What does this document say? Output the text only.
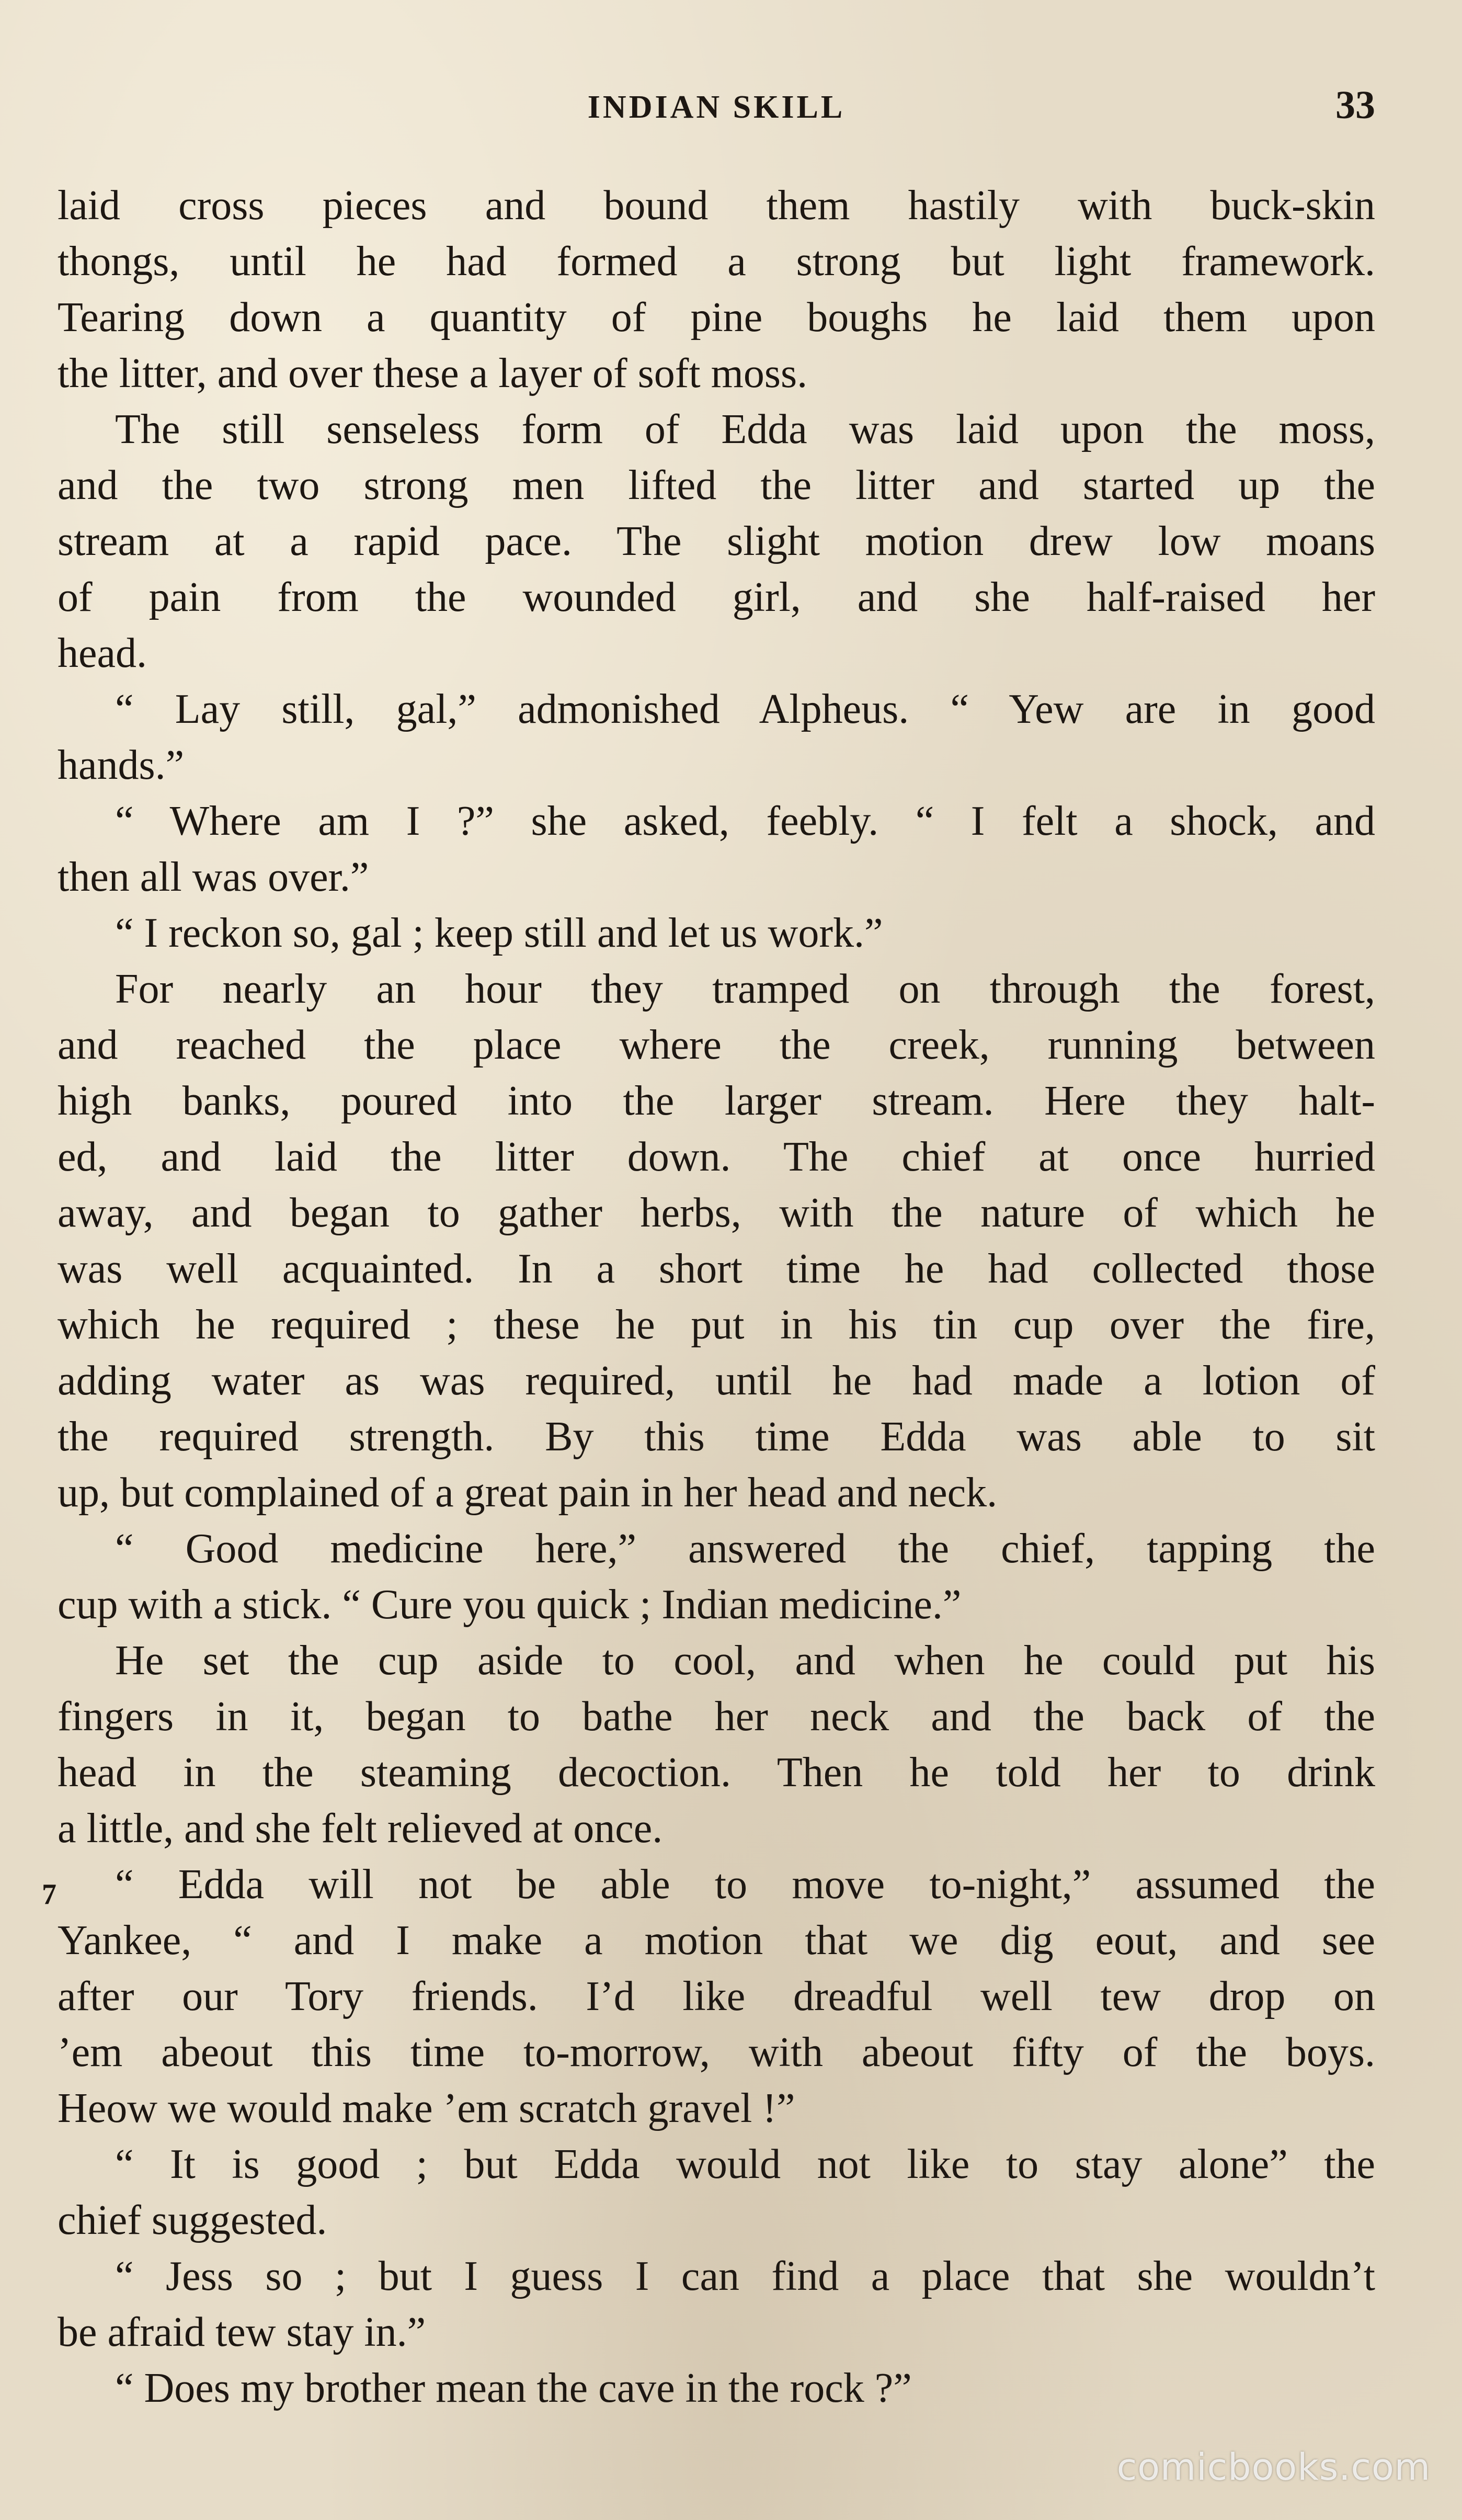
INDIAN SKILL	33
7
laid cross pieces and bound them hastily with buck-skin
thongs, until he had formed a strong but light framework.
Tearing down a quantity of pine boughs he laid them upon
the litter, and over these a layer of soft moss.
The still senseless form of Edda was laid upon the moss,
and the two strong men lifted the litter and started up the
stream at a rapid pace. The slight motion drew low moans
of pain from the wounded girl, and she half-raised her
head.
“ Lay still, gal,” admonished Alpheus. “ Yew are in good
hands.”
“ Where am I ?” she asked, feebly. “ I felt a shock, and
then all was over.”
“ I reckon so, gal ; keep still and let us work.”
For nearly an hour they tramped on through the forest,
and reached the place where the creek, running between
high banks, poured into the larger stream. Here they halt-
ed, and laid the litter down. The chief at once hurried
away, and began to gather herbs, with the nature of which he
was well acquainted. In a short time he had collected those
which he required ; these he put in his tin cup over the fire,
adding water as was required, until he had made a lotion of
the required strength. By this time Edda was able to sit
up, but complained of a great pain in her head and neck.
“ Good medicine here,” answered the chief, tapping the
cup with a stick. “ Cure you quick ; Indian medicine.”
He set the cup aside to cool, and when he could put his
fingers in it, began to bathe her neck and the back of the
head in the steaming decoction. Then he told her to drink
a little, and she felt relieved at once.
“ Edda will not be able to move to-night,” assumed the
Yankee, “ and I make a motion that we dig eout, and see
after our Tory friends. I’d like dreadful well tew drop on
’em abeout this time to-morrow, with abeout fifty of the boys.
Heow we would make ’em scratch gravel !”
“ It is good ; but Edda would not like to stay alone” the
chief suggested.
“ Jess so ; but I guess I can find a place that she wouldn’t
be afraid tew stay in.”
“ Does my brother mean the cave in the rock ?”
comicbooks.com
